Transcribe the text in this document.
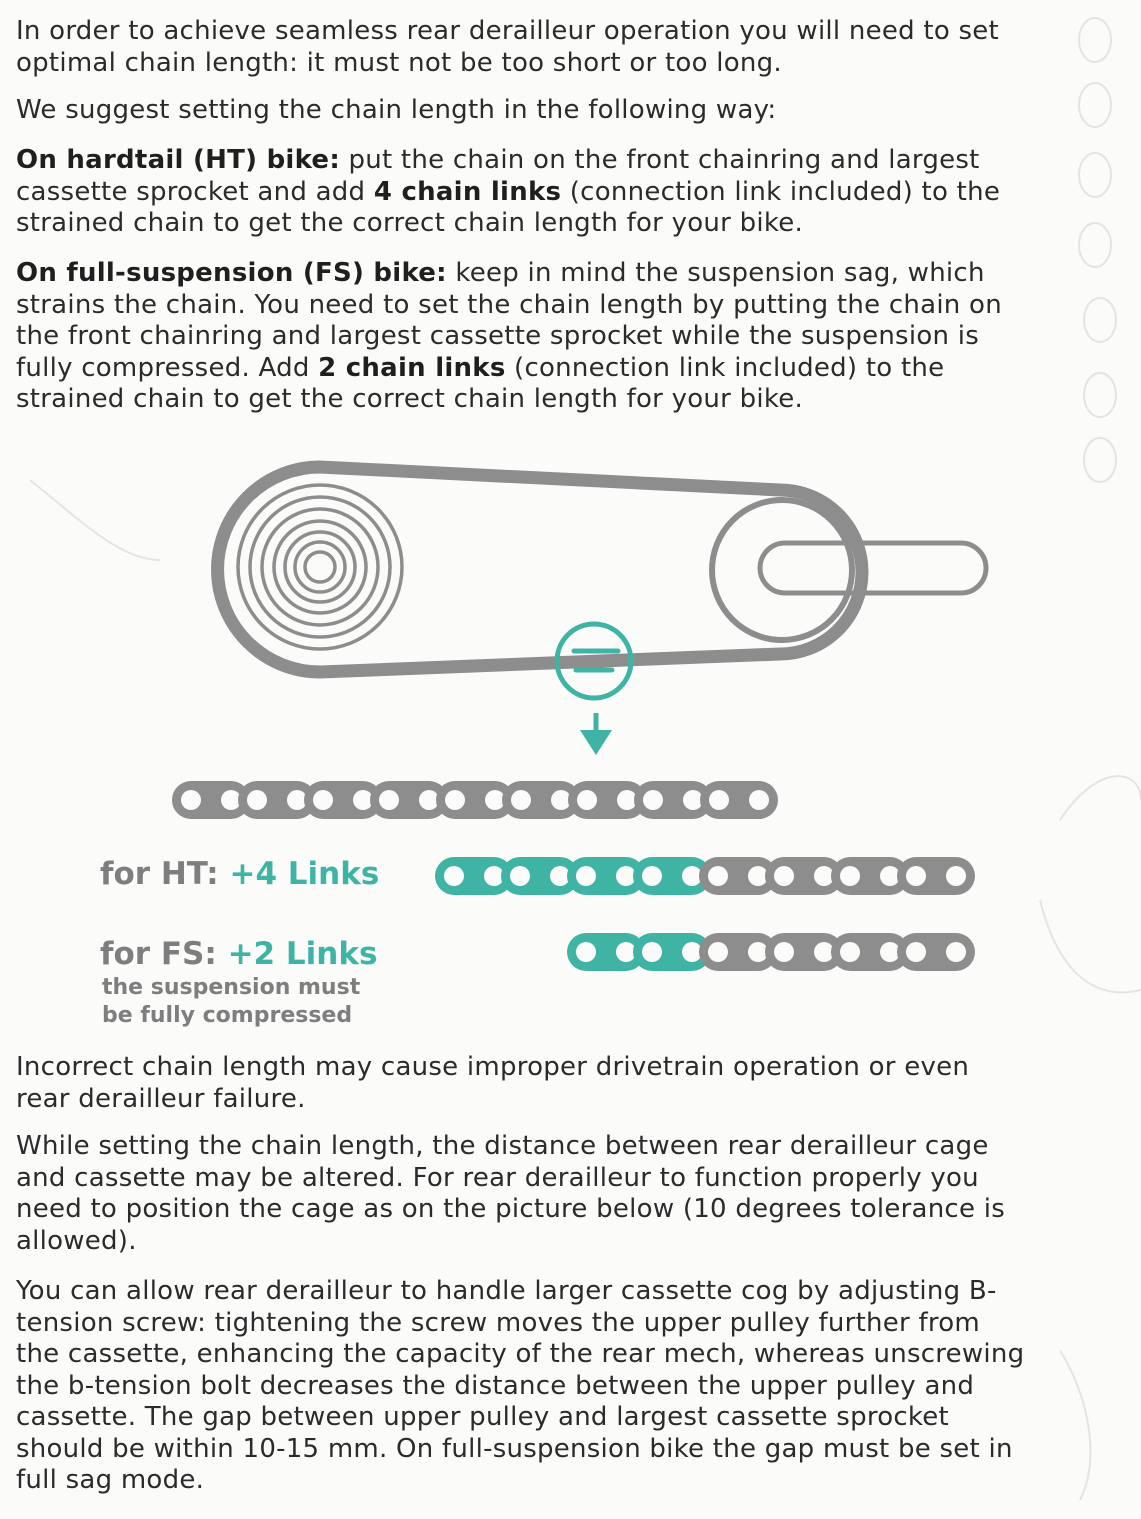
In order to achieve seamless rear derailleur operation you will need to set
optimal chain length: it must not be too short or too long.
We suggest setting the chain length in the following way:
On hardtail (HT) bike: put the chain on the front chainring and largest
cassette sprocket and add 4 chain links (connection link included) to the
strained chain to get the correct chain length for your bike.
On full-suspension (FS) bike: keep in mind the suspension sag, which
strains the chain. You need to set the chain length by putting the chain on
the front chainring and largest cassette sprocket while the suspension is
fully compressed. Add 2 chain links (connection link included) to the
strained chain to get the correct chain length for your bike.
for HT: +4 Links
for FS: +2 Links
the suspension must
be fully compressed
Incorrect chain length may cause improper drivetrain operation or even
rear derailleur failure.
While setting the chain length, the distance between rear derailleur cage
and cassette may be altered. For rear derailleur to function properly you
need to position the cage as on the picture below (10 degrees tolerance is
allowed).
You can allow rear derailleur to handle larger cassette cog by adjusting B-
tension screw: tightening the screw moves the upper pulley further from
the cassette, enhancing the capacity of the rear mech, whereas unscrewing
the b-tension bolt decreases the distance between the upper pulley and
cassette. The gap between upper pulley and largest cassette sprocket
should be within 10-15 mm. On full-suspension bike the gap must be set in
full sag mode.
